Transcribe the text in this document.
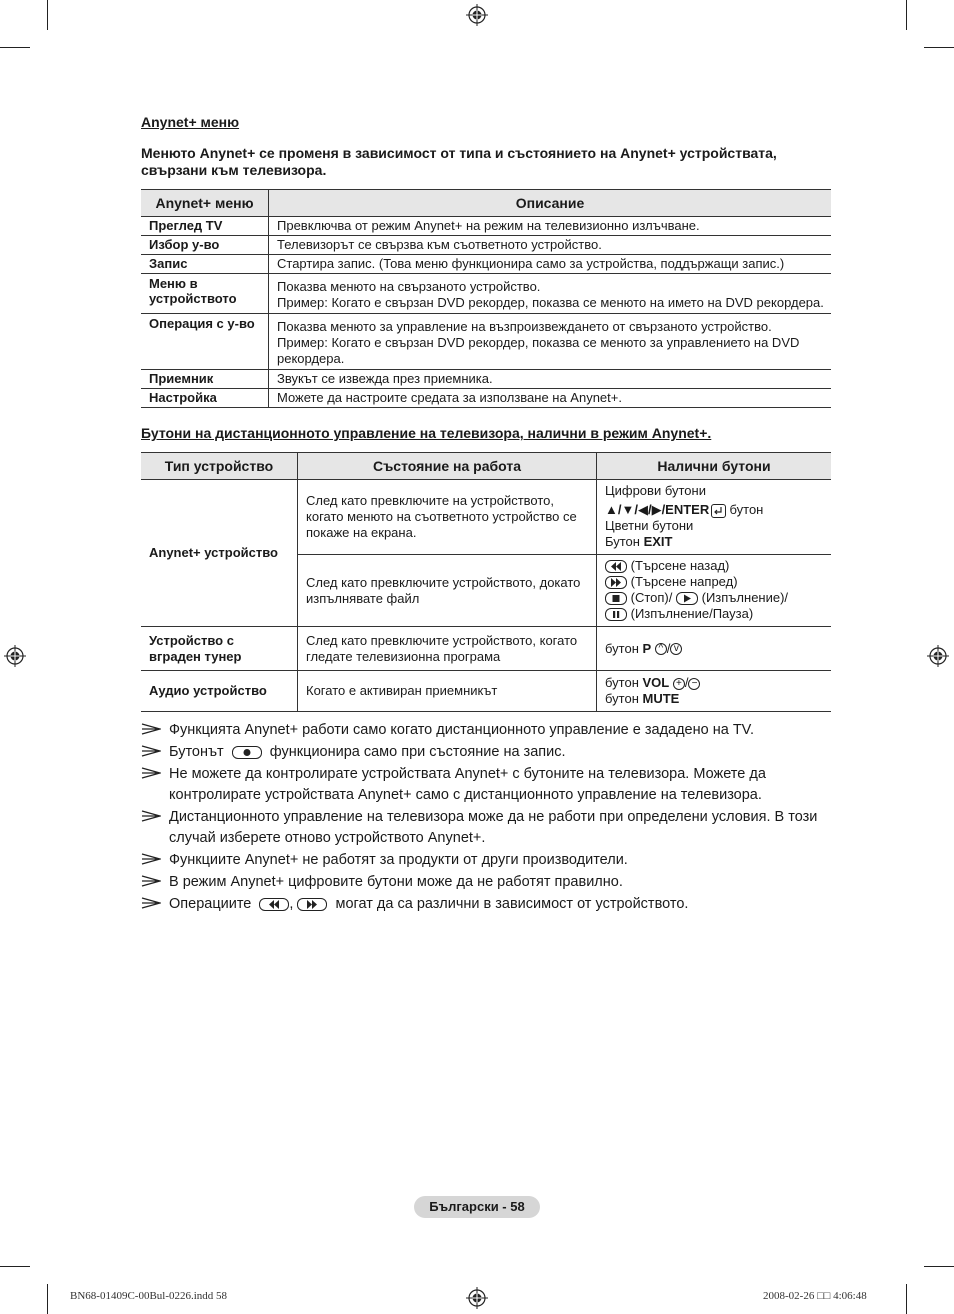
Anynet+ меню
Менюто Anynet+ се променя в зависимост от типа и състоянието на Anynet+ устройствата, свързани към телевизора.
Anynet+ меню	Описание
Преглед TV	Превключва от режим Anynet+ на режим на телевизионно излъчване.
Избор у-во	Телевизорът се свързва към съответното устройство.
Запис	Стартира запис. (Това меню функционира само за устройства, поддържащи запис.)
Меню в устройството	Показва менюто на свързаното устройство.
Пример: Когато е свързан DVD рекордер, показва се менюто на името на DVD рекордера.

Операция с у-во	Показва менюто за управление на възпроизвеждането от свързаното устройство.
Пример: Когато е свързан DVD рекордер, показва се менюто за управлението на DVD рекордера.

Приемник	Звукът се извежда през приемника.
Настройка	Можете да настроите средата за използване на Anynet+.
Бутони на дистанционното управление на телевизора, налични в режим Anynet+.
Тип устройство	Състояние на работа	Налични бутони
Anynet+ устройство	След като превключите на устройството, когато менюто на съответното устройство се покаже на екрана.	Цифрови бутони
▲/▼/◀/▶/ENTER
бутон
Цветни бутони
Бутон EXIT

	След като превключите устройството, докато изпълнявате файл	(Търсене назад)
(Търсене напред)
(Стоп)/ (Изпълнение)/
(Изпълнение/Пауза)

Устройство с вграден тунер	След като превключите устройството, когато гледате телевизионна програма	бутон P ^ / v
Аудио устройство	Когато е активиран приемникът	бутон VOL + / −
бутон MUTE
Функцията Anynet+ работи само когато дистанционното управление е зададено на TV.
Бутонът	функционира само при състояние на запис.
Не можете да контролирате устройствата Anynet+ с бутоните на телевизора. Можете да контролирате устройствата Anynet+ само с дистанционното управление на телевизора.
Дистанционното управление на телевизора може да не работи при определени условия. В този случай изберете отново устройството Anynet+.
Функциите Anynet+ не работят за продукти от други производители.
В режим Anynet+ цифровите бутони може да не работят правилно.
Операциите	,	могат да са различни в зависимост от устройството.
Български - 58
BN68-01409C-00Bul-0226.indd 58	2008-02-26 □□ 4:06:48
